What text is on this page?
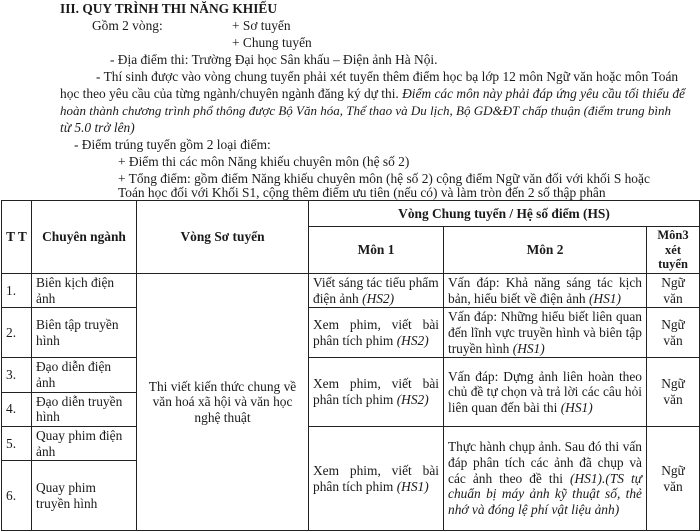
III. QUY TRÌNH THI NĂNG KHIẾU
Gồm 2 vòng:	+ Sơ tuyển
+ Chung tuyển
- Địa điểm thi: Trường Đại học Sân khấu – Điện ảnh Hà Nội.
- Thí sinh được vào vòng chung tuyển phải xét tuyển thêm điểm học bạ lớp 12 môn Ngữ văn hoặc môn Toán
học theo yêu cầu của từng ngành/chuyên ngành đăng ký dự thi. Điểm các môn này phải đáp ứng yêu cầu tối thiểu để
hoàn thành chương trình phổ thông được Bộ Văn hóa, Thể thao và Du lịch, Bộ GD&ĐT chấp thuận (điểm trung bình
từ 5.0 trở lên)
- Điểm trúng tuyển gồm 2 loại điểm:
+ Điểm thi các môn Năng khiếu chuyên môn (hệ số 2)
+ Tổng điểm: gồm điểm Năng khiếu chuyên môn (hệ số 2) cộng điểm Ngữ văn đối với khối S hoặc
Toán học đối với Khối S1, cộng thêm điểm ưu tiên (nếu có) và làm tròn đến 2 số thập phân
T T	Chuyên ngành	Vòng Sơ tuyển	Vòng Chung tuyển / Hệ số điểm (HS)		
			Môn 1	Môn 2	Môn3 xét tuyển
1.	Biên kịch điện ảnh	Thi viết kiến thức chung về văn hoá xã hội và văn học nghệ thuật	Viết sáng tác tiểu phẩm điện ảnh (HS2)	Vấn đáp: Khả năng sáng tác kịch bản, hiểu biết về điện ảnh (HS1)	Ngữ văn
2.	Biên tập truyền hình		Xem phim, viết bài phân tích phim (HS2)	Vấn đáp: Những hiểu biết liên quan đến lĩnh vực truyền hình và biên tập truyền hình (HS1)	Ngữ văn
3.	Đạo diễn điện ảnh		Xem phim, viết bài phân tích phim (HS2)	Vấn đáp: Dựng ảnh liên hoàn theo chủ đề tự chọn và trả lời các câu hỏi liên quan đến bài thi (HS1)	Ngữ văn
4.	Đạo diễn truyền hình				
5.	Quay phim điện ảnh		Xem phim, viết bài phân tích phim (HS1)	Thực hành chụp ảnh. Sau đó thi vấn đáp phân tích các ảnh đã chụp và các ảnh theo đề thi (HS1).(TS tự chuẩn bị máy ảnh kỹ thuật số, thẻ nhớ và đóng lệ phí vật liệu ảnh)	Ngữ văn
6.	Quay phim truyền hình				
